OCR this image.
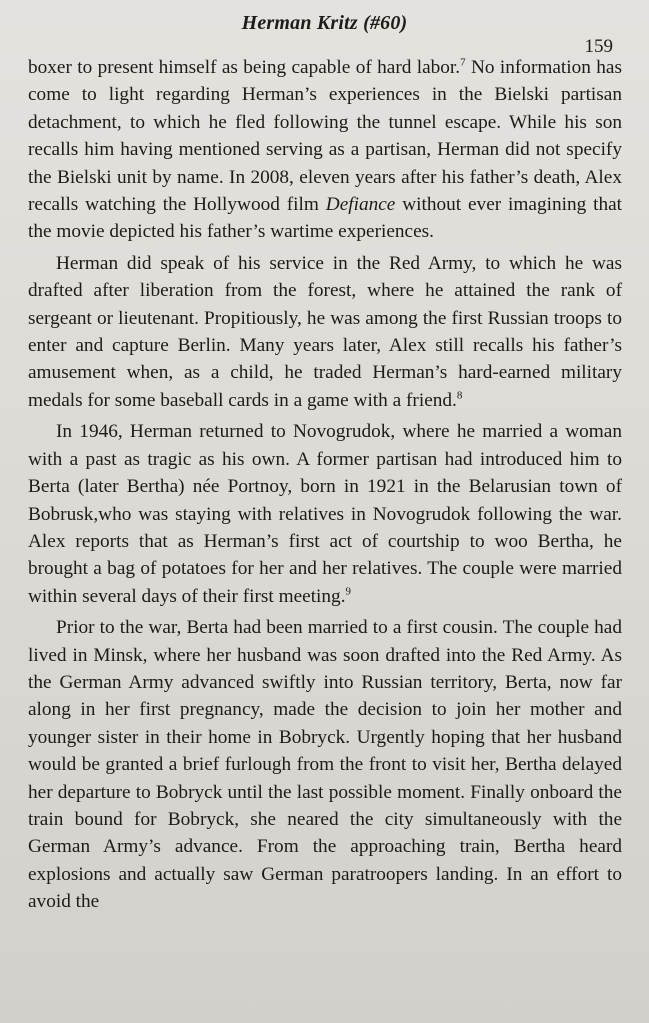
Herman Kritz (#60)
159

boxer to present himself as being capable of hard labor.$^7$ No information has come to light regarding Herman’s experiences in the Bielski partisan detachment, to which he fled following the tunnel escape. While his son recalls him having mentioned serving as a partisan, Herman did not specify the Bielski unit by name. In 2008, eleven years after his father’s death, Alex recalls watching the Hollywood film Defiance without ever imagining that the movie depicted his father’s wartime experiences.

Herman did speak of his service in the Red Army, to which he was drafted after liberation from the forest, where he attained the rank of sergeant or lieutenant. Propitiously, he was among the first Russian troops to enter and capture Berlin. Many years later, Alex still recalls his father’s amusement when, as a child, he traded Herman’s hard-earned military medals for some baseball cards in a game with a friend.$^8$

In 1946, Herman returned to Novogrudok, where he married a woman with a past as tragic as his own. A former partisan had introduced him to Berta (later Bertha) née Portnoy, born in 1921 in the Belarusian town of Bobrusk,who was staying with relatives in Novogrudok following the war. Alex reports that as Herman’s first act of courtship to woo Bertha, he brought a bag of potatoes for her and her relatives. The couple were married within several days of their first meeting.$^9$

Prior to the war, Berta had been married to a first cousin. The couple had lived in Minsk, where her husband was soon drafted into the Red Army. As the German Army advanced swiftly into Russian territory, Berta, now far along in her first pregnancy, made the decision to join her mother and younger sister in their home in Bobryck. Urgently hoping that her husband would be granted a brief furlough from the front to visit her, Bertha delayed her departure to Bobryck until the last possible moment. Finally onboard the train bound for Bobryck, she neared the city simultaneously with the German Army’s advance. From the approaching train, Bertha heard explosions and actually saw German paratroopers landing. In an effort to avoid the
